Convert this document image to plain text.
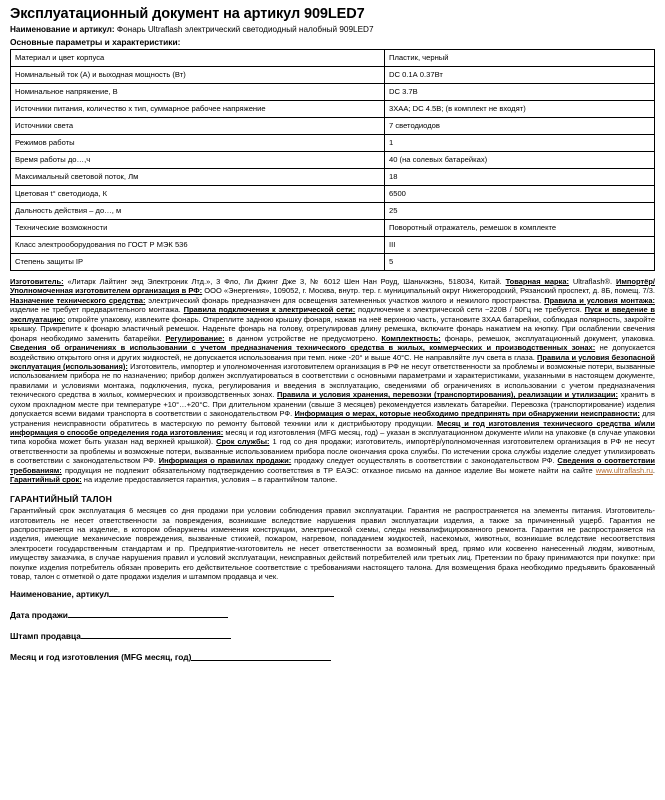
Эксплуатационный документ на артикул 909LED7
Наименование и артикул: Фонарь Ultraflash электрический светодиодный налобный 909LED7
Основные параметры и характеристики:
Материал и цвет корпуса	Пластик, черный
Номинальный ток (А) и выходная мощность (Вт)	DC 0.1А 0.37Вт
Номинальное напряжение, В	DC 3.7В
Источники питания, количество х тип, суммарное рабочее напряжение	3ХАА; DC 4.5В; (в комплект не входят)
Источники света	7 светодиодов
Режимов работы	1
Время работы до…,ч	40 (на солевых батарейках)
Максимальный световой поток, Лм	18
Цветовая t° светодиода, К	6500
Дальность действия – до…, м	25
Технические возможности	Поворотный отражатель, ремешок в комплекте
Класс электрооборудования по ГОСТ Р МЭК 536	III
Степень защиты IP	5
Изготовитель: «Литарк Лайтинг энд Электроник Лтд.», 3 Фло, Ли Джинг Дже 3, № 6012 Шен Нан Роуд, Шаньчжэнь, 518034, Китай. Товарная марка: Ultraflash®. Импортёр/Уполномоченная изготовителем организация в РФ: ООО «Энергения», 109052, г. Москва, внутр. тер. г. муниципальный округ Нижегородский, Рязанский проспект, д. 8Б, помещ. 7/3. Назначение технического средства: электрический фонарь предназначен для освещения затемненных участков жилого и нежилого пространства. Правила и условия монтажа: изделие не требует предварительного монтажа. Правила подключения к электрической сети: подключение к электрической сети ~220В / 50Гц не требуется. Пуск и введение в эксплуатацию: откройте упаковку, извлеките фонарь. Откреплите заднюю крышку фонаря, нажав на неё верхнюю часть, установите 3ХАА батарейки, соблюдая полярность, закройте крышку. Прикрепите к фонарю эластичный ремешок. Наденьте фонарь на голову, отрегулировав длину ремешка, включите фонарь нажатием на кнопку. При ослаблении свечения фонаря необходимо заменить батарейки. Регулирование: в данном устройстве не предусмотрено. Комплектность: фонарь, ремешок, эксплуатационный документ, упаковка. Сведения об ограничениях в использовании с учетом предназначения технического средства в жилых, коммерческих и производственных зонах: не допускается воздействию открытого огня и других жидкостей, не допускается использования при темп. ниже -20° и выше 40°С. Не направляйте луч света в глаза. Правила и условия безопасной эксплуатация (использования): Изготовитель, импортер и уполномоченная изготовителем организация в РФ не несут ответственности за проблемы и возможные потери, вызванные использованием прибора не по назначению; прибор должен эксплуатироваться в соответствии с основными параметрами и характеристиками, указанными в настоящем документе, правилами и условиями монтажа, подключения, пуска, регулирования и введения в эксплуатацию, сведениями об ограничениях в использовании с учетом предназначения технического средства в жилых, коммерческих и производственных зонах. Правила и условия хранения, перевозки (транспортирования), реализации и утилизации: хранить в сухом прохладном месте при температуре +10°…+20°С. При длительном хранении (свыше 3 месяцев) рекомендуется извлекать батарейки. Перевозка (транспортирование) изделия допускается всеми видами транспорта в соответствии с законодательством РФ. Информация о мерах, которые необходимо предпринять при обнаружении неисправности: для устранения неисправности обратитесь в мастерскую по ремонту бытовой техники или к дистрибьютору продукции. Месяц и год изготовления технического средства и/или информация о способе определения года изготовления: месяц и год изготовления (MFG месяц, год) – указан в эксплуатационном документе и/или на упаковке (в случае упаковки типа коробка может быть указан над верхней крышкой). Срок службы: 1 год со дня продажи; изготовитель, импортёр/уполномоченная изготовителем организация в РФ не несут ответственности за проблемы и возможные потери, вызванные использованием прибора после окончания срока службы. По истечении срока службы изделие следует утилизировать в соответствии с законодательством РФ. Информация о правилах продажи: продажу следует осуществлять в соответствии с законодательством РФ. Сведения о соответствии требованиям: продукция не подлежит обязательному подтверждению соответствия в ТР ЕАЭС: отказное письмо на данное изделие Вы можете найти на сайте www.ultraflash.ru. Гарантийный срок: на изделие предоставляется гарантия, условия – в гарантийном талоне.
ГАРАНТИЙНЫЙ ТАЛОН
Гарантийный срок эксплуатация 6 месяцев со дня продажи при условии соблюдения правил эксплуатации. Гарантия не распространяется на элементы питания. Изготовитель-изготовитель не несет ответственности за повреждения, возникшие вследствие нарушения правил эксплуатации изделия, а также за причиненный ущерб. Гарантия не распространяется на изделие, в котором обнаружены изменения конструкции, электрической схемы, следы неквалифицированного ремонта. Гарантия не распространяется на изделия, имеющие механические повреждения, вызванные стихией, пожаром, нагревом, попаданием жидкостей, насекомых, животных, возникшие вследствие несоответствия электросети государственным стандартам и пр. Предприятие-изготовитель не несет ответственности за возможный вред, прямо или косвенно нанесенный людям, животным, имуществу заказчика, в случае нарушения правил и условий эксплуатации, неисправных действий потребителей или третьих лиц. Претензии по браку принимаются при покупке: при покупке изделия потребитель обязан проверить его действительное соответствие с требованиями настоящего талона. Для возмещения брака необходимо предъявить бракованный товар, талон с отметкой о дате продажи изделия и штампом продавца и чек.
Наименование, артикул
Дата продажи
Штамп продавца
Месяц и год изготовления (MFG месяц, год)
